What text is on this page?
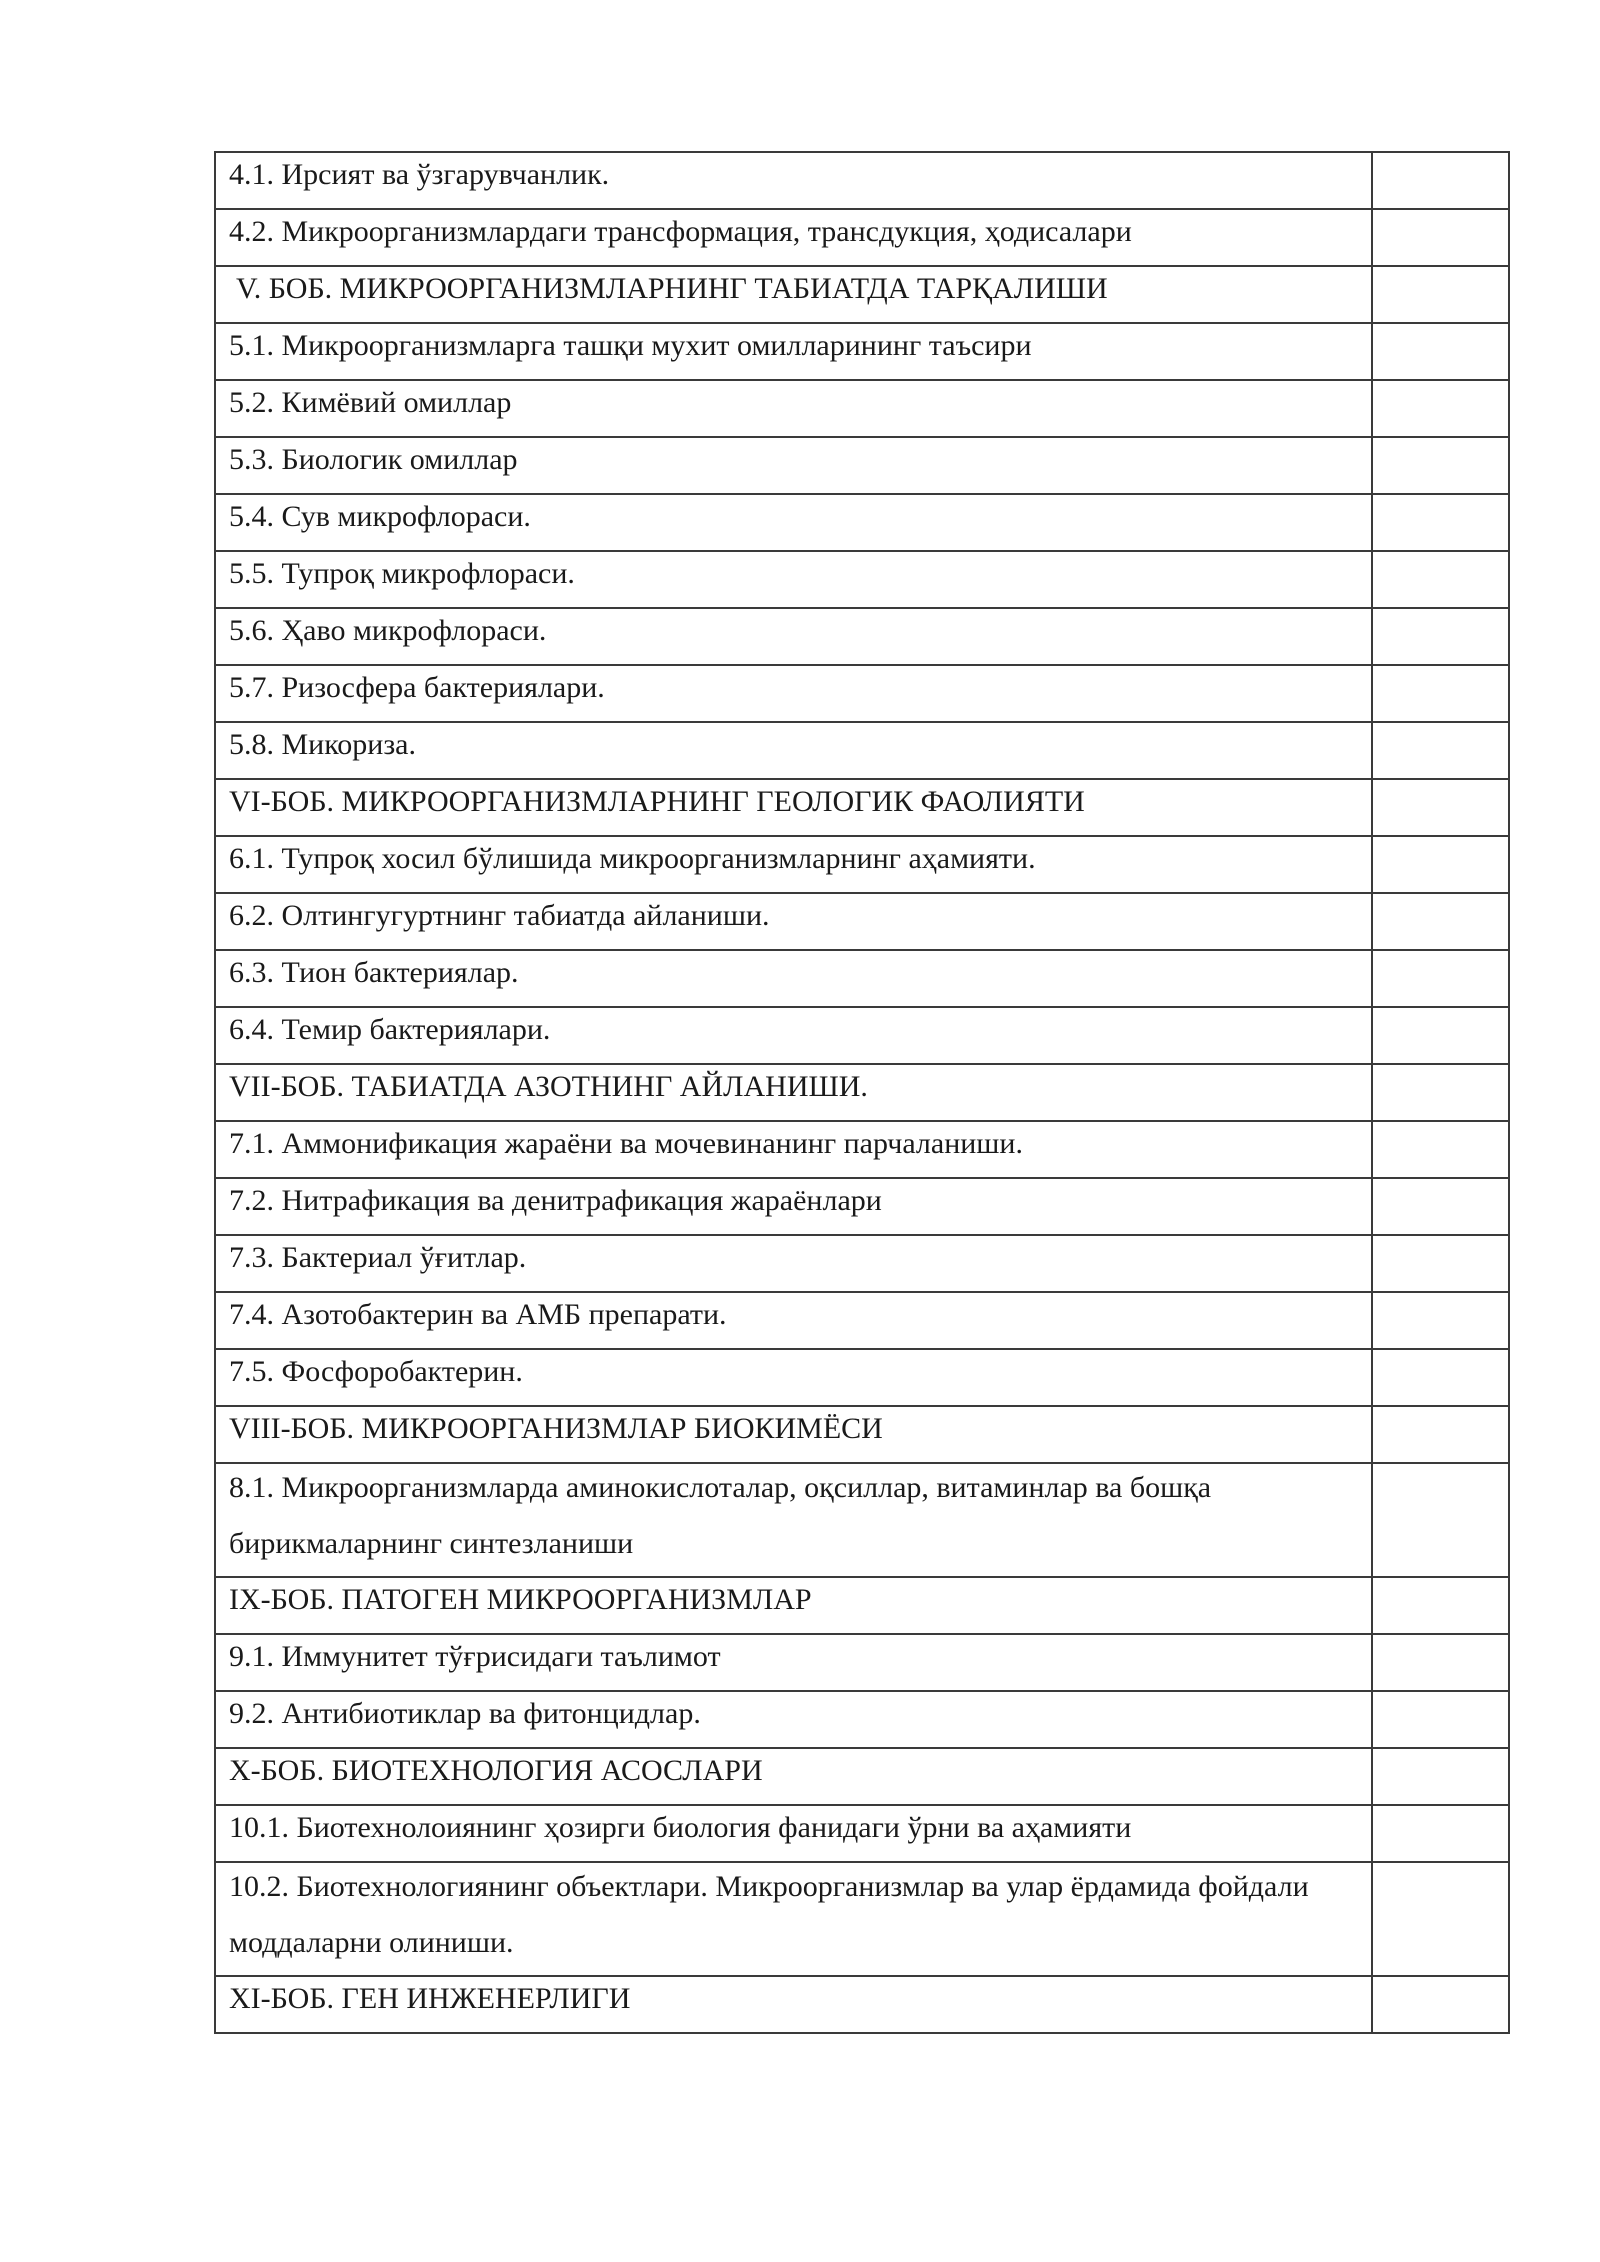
4.1. Ирсият ва ўзгарувчанлик.	

4.2. Микроорганизмлардаги трансформация, трансдукция, ҳодисалари	

V. БОБ. МИКРООРГАНИЗМЛАРНИНГ ТАБИАТДА ТАРҚАЛИШИ	

5.1. Микроорганизмларга ташқи мухит омилларининг таъсири	

5.2. Кимёвий омиллар	

5.3. Биологик омиллар	

5.4. Сув микрофлораси.	

5.5. Тупроқ микрофлораси.	

5.6. Ҳаво микрофлораси.	

5.7. Ризосфера бактериялари.	

5.8. Микориза.	

VI-БОБ. МИКРООРГАНИЗМЛАРНИНГ ГЕОЛОГИК ФАОЛИЯТИ	

6.1. Тупроқ хосил бўлишида микроорганизмларнинг аҳамияти.	

6.2. Олтингугуртнинг табиатда айланиши.	

6.3. Тион бактериялар.	

6.4. Темир бактериялари.	

VII-БОБ. ТАБИАТДА АЗОТНИНГ АЙЛАНИШИ.	

7.1. Аммонификация жараёни ва мочевинанинг парчаланиши.	

7.2. Нитрафикация ва денитрафикация жараёнлари	

7.3. Бактериал ўғитлар.	

7.4. Азотобактерин ва АМБ препарати.	

7.5. Фосфоробактерин.	

VIII-БОБ. МИКРООРГАНИЗМЛАР БИОКИМЁСИ	

8.1. Микроорганизмларда аминокислоталар, оқсиллар, витаминлар ва бошқа бирикмаларнинг синтезланиши	

IX-БОБ. ПАТОГЕН МИКРООРГАНИЗМЛАР	

9.1. Иммунитет тўғрисидаги таълимот	

9.2. Антибиотиклар ва фитонцидлар.	

X-БОБ. БИОТЕХНОЛОГИЯ АСОСЛАРИ	

10.1. Биотехнолоиянинг ҳозирги биология фанидаги ўрни ва аҳамияти	

10.2. Биотехнологиянинг объектлари. Микроорганизмлар ва улар ёрдамида фойдали моддаларни олиниши.	

XI-БОБ. ГЕН ИНЖЕНЕРЛИГИ	
